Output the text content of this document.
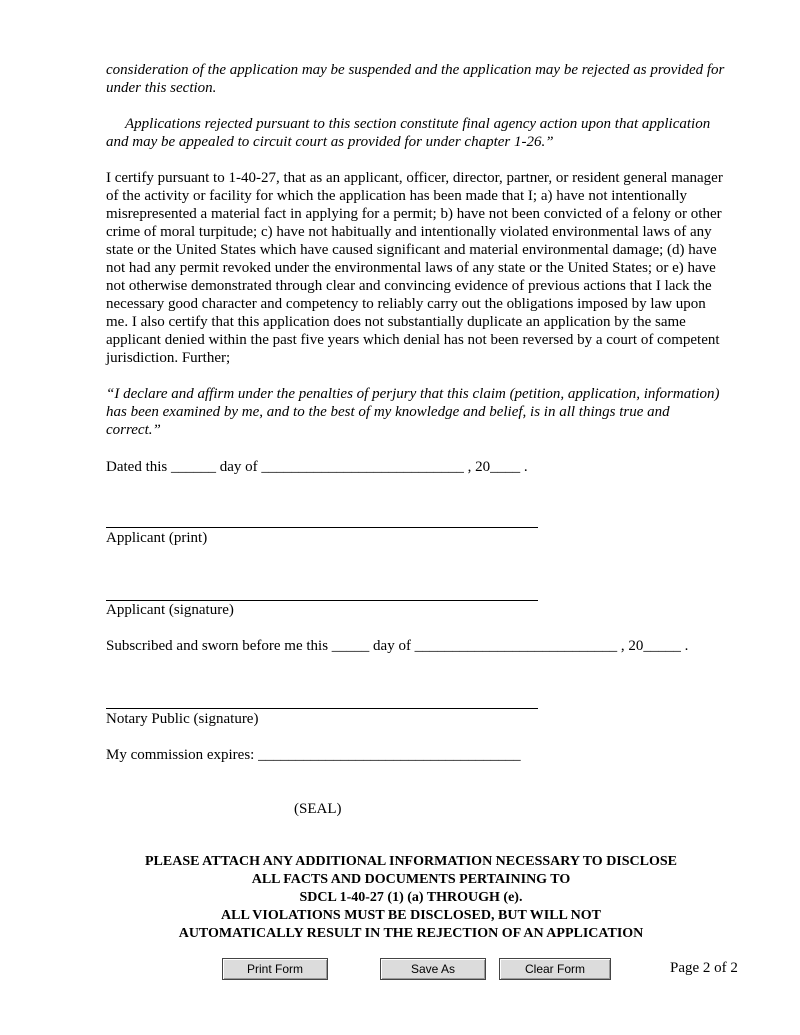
consideration of the application may be suspended and the application may be rejected as provided for under this section.
Applications rejected pursuant to this section constitute final agency action upon that application and may be appealed to circuit court as provided for under chapter 1-26.”
I certify pursuant to 1-40-27, that as an applicant, officer, director, partner, or resident general manager of the activity or facility for which the application has been made that I; a) have not intentionally misrepresented a material fact in applying for a permit; b) have not been convicted of a felony or other crime of moral turpitude; c) have not habitually and intentionally violated environmental laws of any state or the United States which have caused significant and material environmental damage; (d) have not had any permit revoked under the environmental laws of any state or the United States; or e) have not otherwise demonstrated through clear and convincing evidence of previous actions that I lack the necessary good character and competency to reliably carry out the obligations imposed by law upon me. I also certify that this application does not substantially duplicate an application by the same applicant denied within the past five years which denial has not been reversed by a court of competent jurisdiction. Further;
“I declare and affirm under the penalties of perjury that this claim (petition, application, information) has been examined by me, and to the best of my knowledge and belief, is in all things true and correct.”
Dated this ______ day of ___________________________ , 20____ .
Applicant (print)
Applicant (signature)
Subscribed and sworn before me this _____ day of ___________________________ , 20_____ .
Notary Public (signature)
My commission expires: ___________________________________
(SEAL)
PLEASE ATTACH ANY ADDITIONAL INFORMATION NECESSARY TO DISCLOSE
ALL FACTS AND DOCUMENTS PERTAINING TO
SDCL 1-40-27 (1) (a) THROUGH (e).
ALL VIOLATIONS MUST BE DISCLOSED, BUT WILL NOT
AUTOMATICALLY RESULT IN THE REJECTION OF AN APPLICATION
Print Form	Save As	Clear Form	Page 2 of 2
